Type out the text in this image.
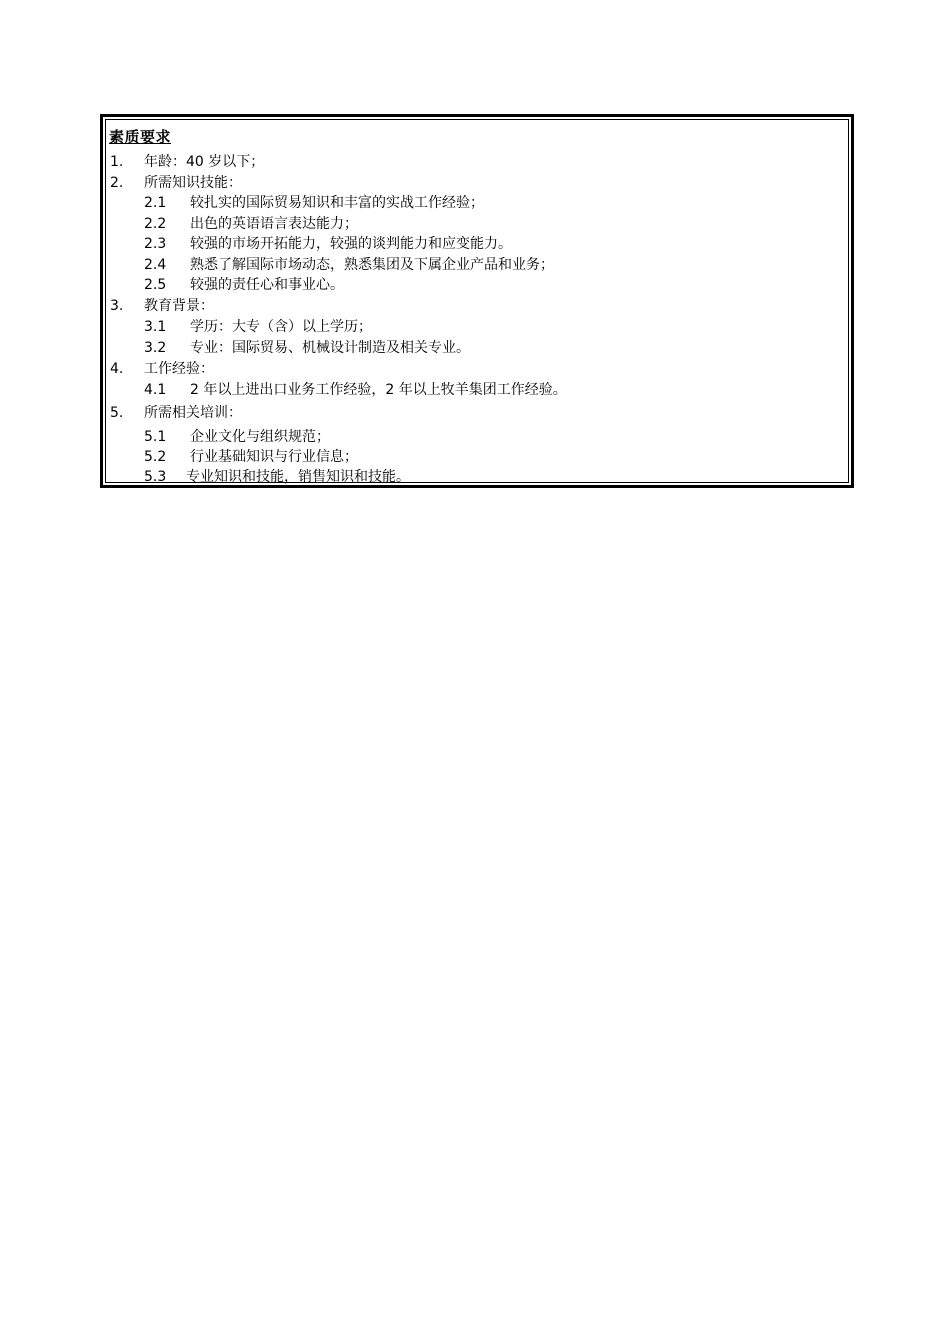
素质要求
1. 年龄：40 岁以下；
2. 所需知识技能：
2.1 较扎实的国际贸易知识和丰富的实战工作经验；
2.2 出色的英语语言表达能力；
2.3 较强的市场开拓能力，较强的谈判能力和应变能力。
2.4 熟悉了解国际市场动态，熟悉集团及下属企业产品和业务；
2.5 较强的责任心和事业心。
3. 教育背景：
3.1 学历：大专（含）以上学历；
3.2 专业：国际贸易、机械设计制造及相关专业。
4. 工作经验：
4.1 2 年以上进出口业务工作经验，2 年以上牧羊集团工作经验。
5. 所需相关培训：
5.1 企业文化与组织规范；
5.2 行业基础知识与行业信息；
5.3 专业知识和技能，销售知识和技能。
